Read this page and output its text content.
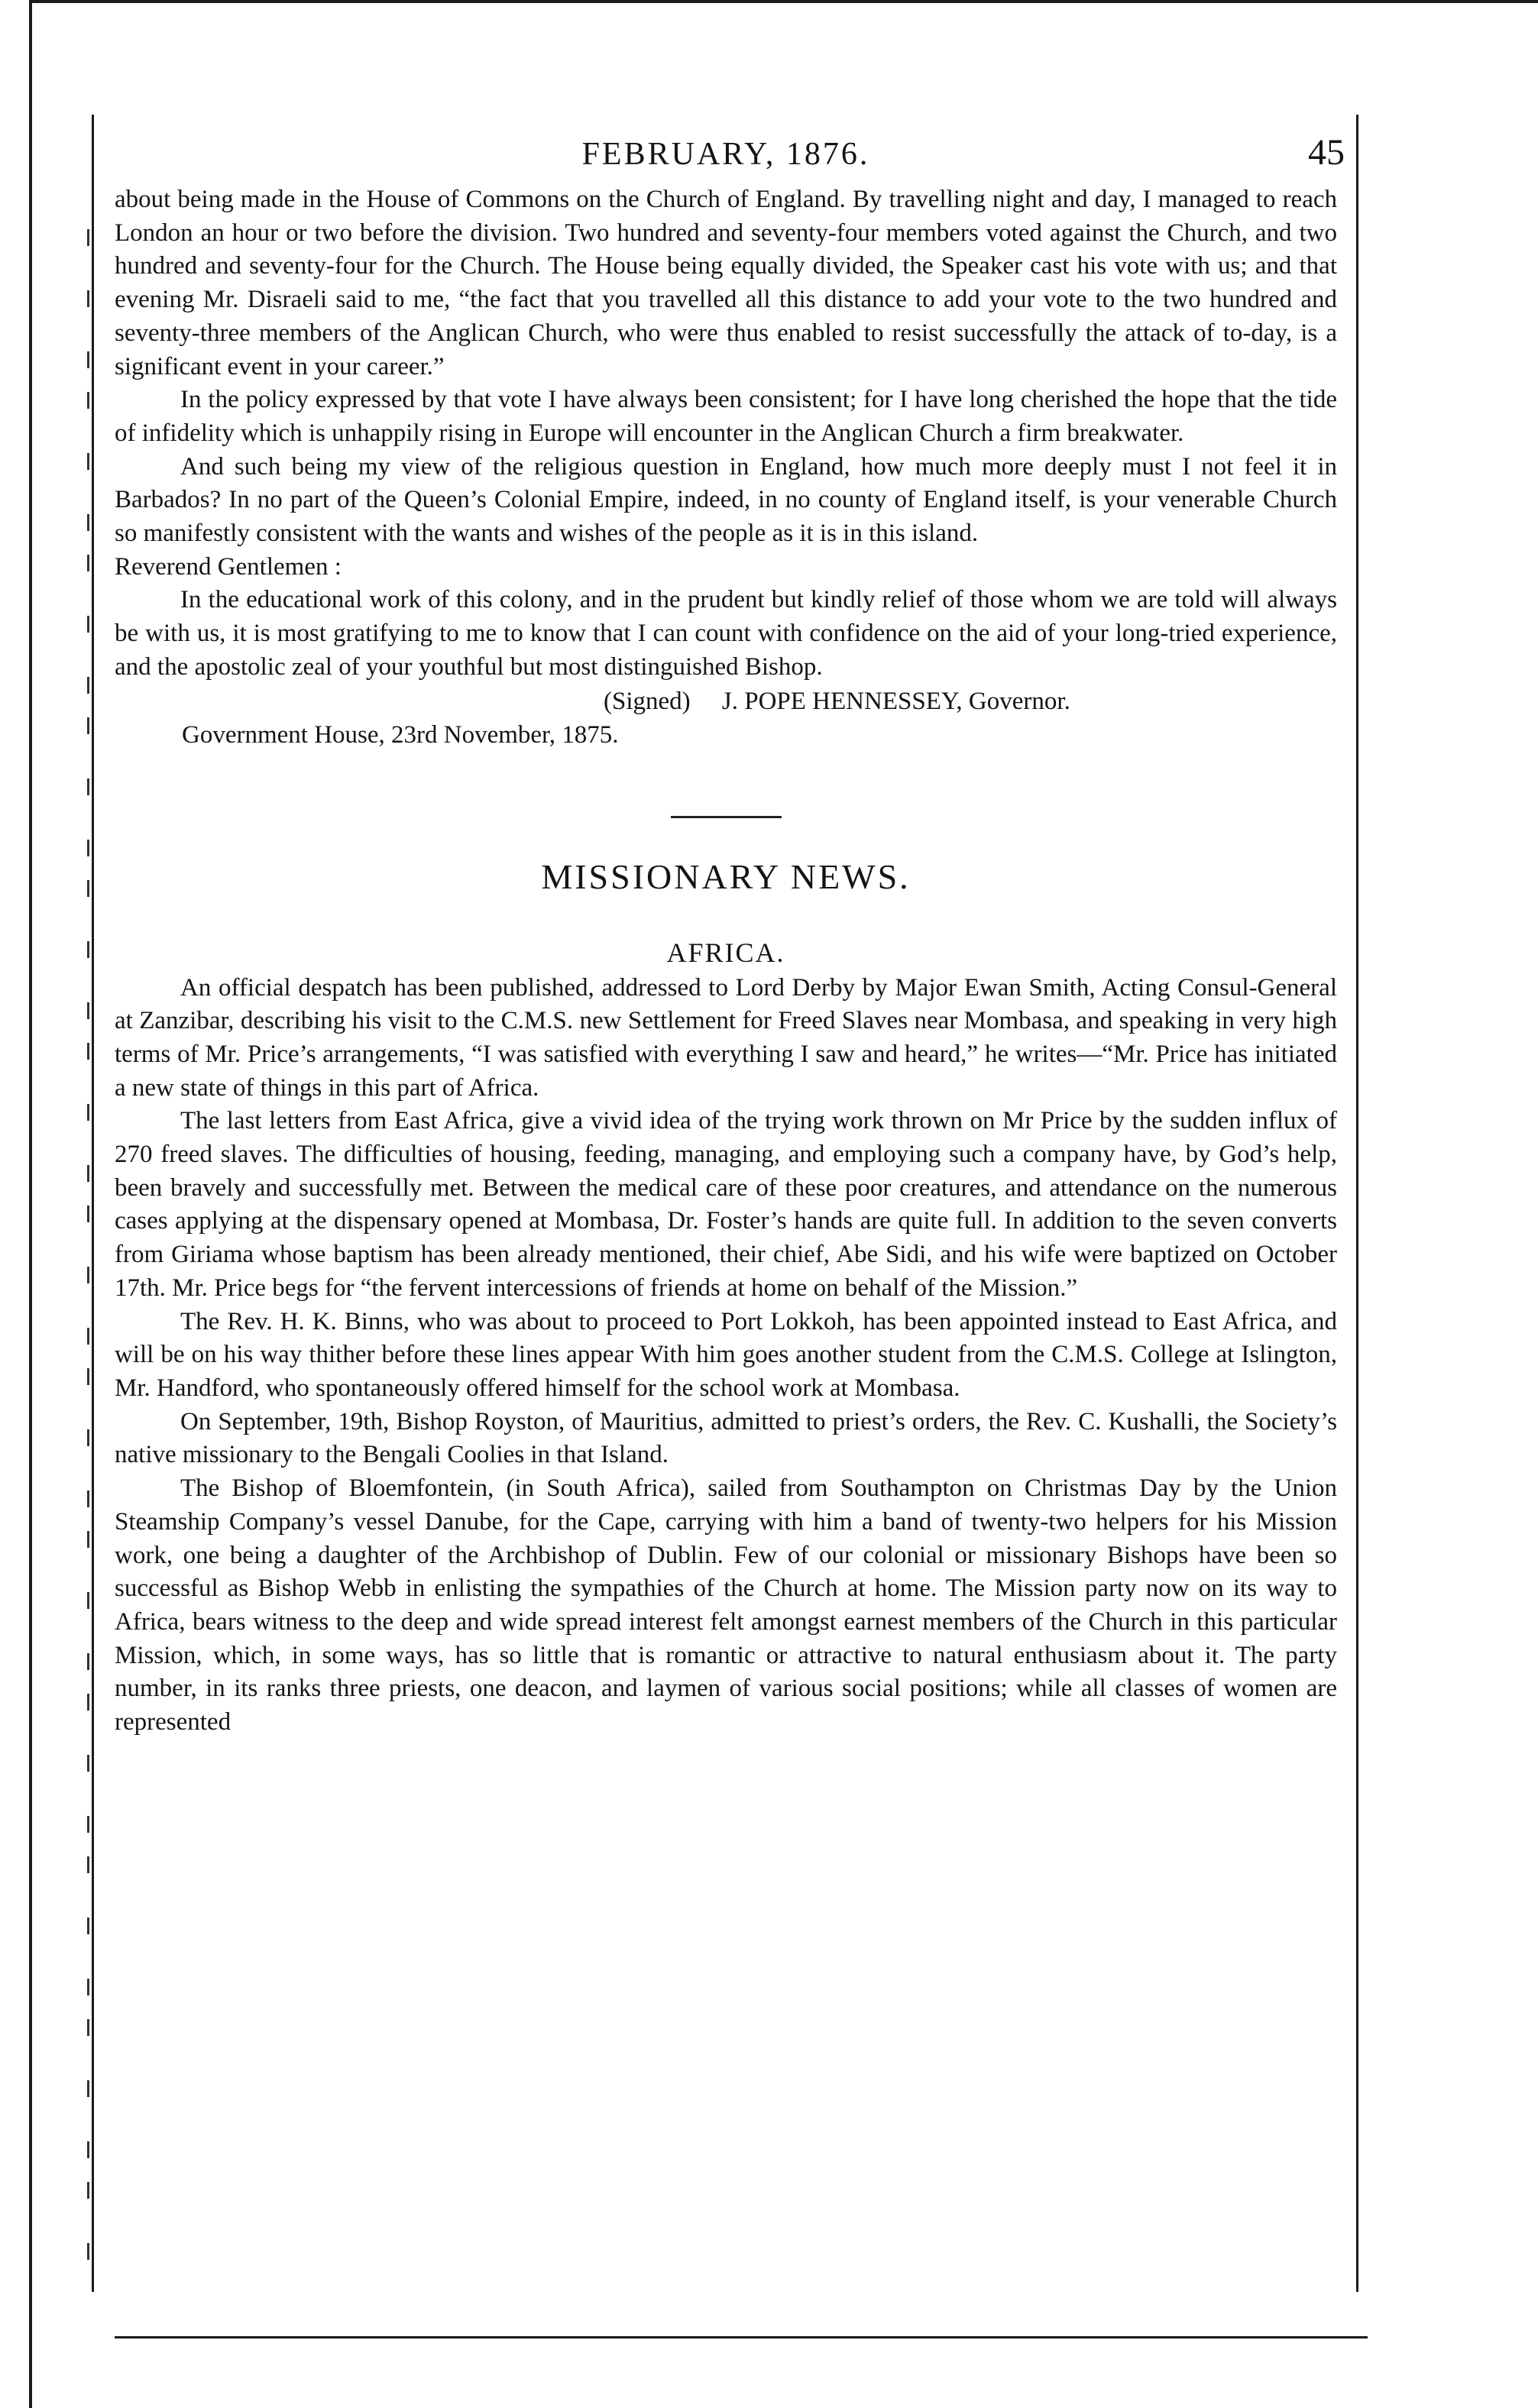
FEBRUARY, 1876.	45

about being made in the House of Commons on the Church of England. By travelling night and day, I managed to reach London an hour or two before the division. Two hundred and seventy-four members voted against the Church, and two hundred and seventy-four for the Church. The House being equally divided, the Speaker cast his vote with us; and that evening Mr. Disraeli said to me, “the fact that you travelled all this distance to add your vote to the two hundred and seventy-three members of the Anglican Church, who were thus enabled to resist successfully the attack of to-day, is a significant event in your career.”

In the policy expressed by that vote I have always been consistent; for I have long cherished the hope that the tide of infidelity which is unhappily rising in Europe will encounter in the Anglican Church a firm breakwater.

And such being my view of the religious question in England, how much more deeply must I not feel it in Barbados? In no part of the Queen’s Colonial Empire, indeed, in no county of England itself, is your venerable Church so manifestly consistent with the wants and wishes of the people as it is in this island.

Reverend Gentlemen :

In the educational work of this colony, and in the prudent but kindly relief of those whom we are told will always be with us, it is most gratifying to me to know that I can count with confidence on the aid of your long-tried experience, and the apostolic zeal of your youthful but most distinguished Bishop.

(Signed)     J. POPE HENNESSEY, Governor.
Government House, 23rd November, 1875.
MISSIONARY NEWS.
AFRICA.

An official despatch has been published, addressed to Lord Derby by Major Ewan Smith, Acting Consul-General at Zanzibar, describing his visit to the C.M.S. new Settlement for Freed Slaves near Mombasa, and speaking in very high terms of Mr. Price’s arrangements, “I was satisfied with everything I saw and heard,” he writes—“Mr. Price has initiated a new state of things in this part of Africa.

The last letters from East Africa, give a vivid idea of the trying work thrown on Mr Price by the sudden influx of 270 freed slaves. The difficulties of housing, feeding, managing, and employing such a company have, by God’s help, been bravely and successfully met. Between the medical care of these poor creatures, and attendance on the numerous cases applying at the dispensary opened at Mombasa, Dr. Foster’s hands are quite full. In addition to the seven converts from Giriama whose baptism has been already mentioned, their chief, Abe Sidi, and his wife were baptized on October 17th. Mr. Price begs for “the fervent intercessions of friends at home on behalf of the Mission.”

The Rev. H. K. Binns, who was about to proceed to Port Lokkoh, has been appointed instead to East Africa, and will be on his way thither before these lines appear With him goes another student from the C.M.S. College at Islington, Mr. Handford, who spontaneously offered himself for the school work at Mombasa.

On September, 19th, Bishop Royston, of Mauritius, admitted to priest’s orders, the Rev. C. Kushalli, the Society’s native missionary to the Bengali Coolies in that Island.

The Bishop of Bloemfontein, (in South Africa), sailed from Southampton on Christmas Day by the Union Steamship Company’s vessel Danube, for the Cape, carrying with him a band of twenty-two helpers for his Mission work, one being a daughter of the Archbishop of Dublin. Few of our colonial or missionary Bishops have been so successful as Bishop Webb in enlisting the sympathies of the Church at home. The Mission party now on its way to Africa, bears witness to the deep and wide spread interest felt amongst earnest members of the Church in this particular Mission, which, in some ways, has so little that is romantic or attractive to natural enthusiasm about it. The party number, in its ranks three priests, one deacon, and laymen of various social positions; while all classes of women are represented
